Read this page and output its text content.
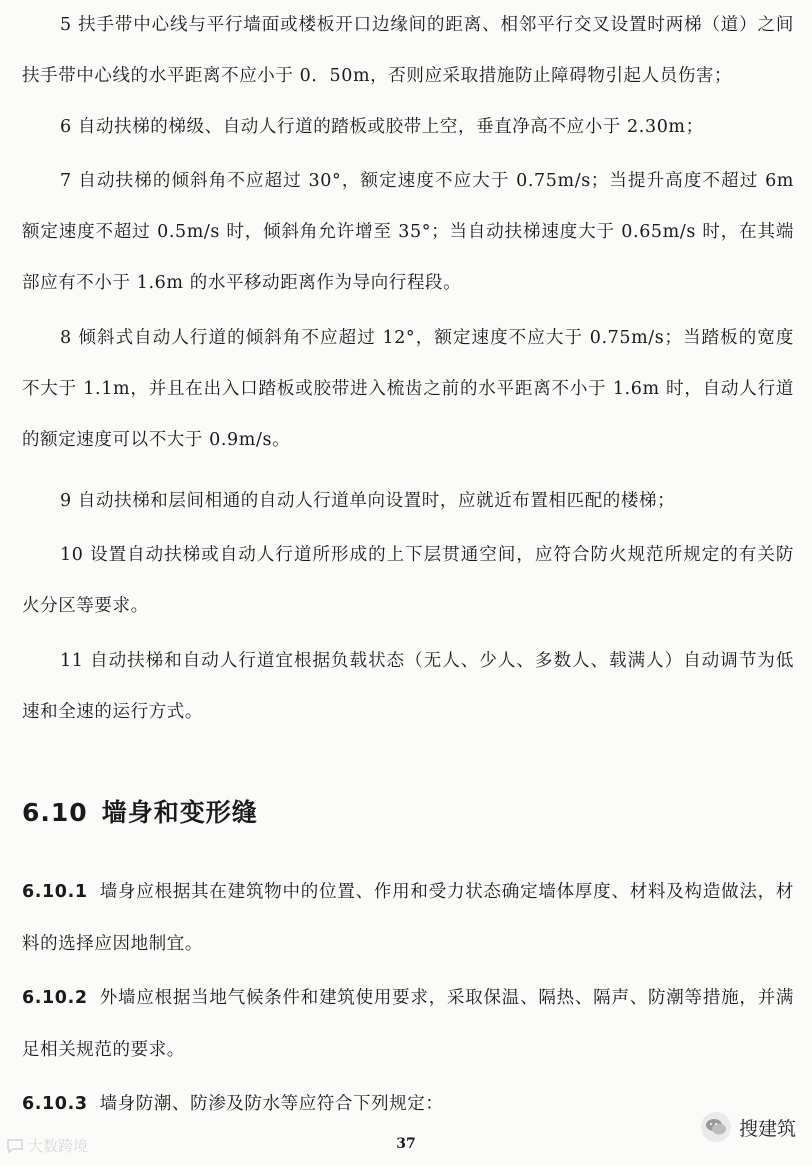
5 扶手带中心线与平行墙面或楼板开口边缘间的距离、相邻平行交叉设置时两梯（道）之间扶手带中心线的水平距离不应小于 0．50m，否则应采取措施防止障碍物引起人员伤害；

6 自动扶梯的梯级、自动人行道的踏板或胶带上空，垂直净高不应小于 2.30m；

7 自动扶梯的倾斜角不应超过 30°，额定速度不应大于 0.75m/s；当提升高度不超过 6m 额定速度不超过 0.5m/s 时，倾斜角允许增至 35°；当自动扶梯速度大于 0.65m/s 时，在其端部应有不小于 1.6m 的水平移动距离作为导向行程段。

8 倾斜式自动人行道的倾斜角不应超过 12°，额定速度不应大于 0.75m/s；当踏板的宽度不大于 1.1m，并且在出入口踏板或胶带进入梳齿之前的水平距离不小于 1.6m 时，自动人行道的额定速度可以不大于 0.9m/s。

9 自动扶梯和层间相通的自动人行道单向设置时，应就近布置相匹配的楼梯；

10 设置自动扶梯或自动人行道所形成的上下层贯通空间，应符合防火规范所规定的有关防火分区等要求。

11 自动扶梯和自动人行道宜根据负载状态（无人、少人、多数人、载满人）自动调节为低速和全速的运行方式。

6.10 墙身和变形缝

6.10.1 墙身应根据其在建筑物中的位置、作用和受力状态确定墙体厚度、材料及构造做法，材料的选择应因地制宜。

6.10.2 外墙应根据当地气候条件和建筑使用要求，采取保温、隔热、隔声、防潮等措施，并满足相关规范的要求。

6.10.3 墙身防潮、防渗及防水等应符合下列规定：

37
大数跨境
搜建筑
